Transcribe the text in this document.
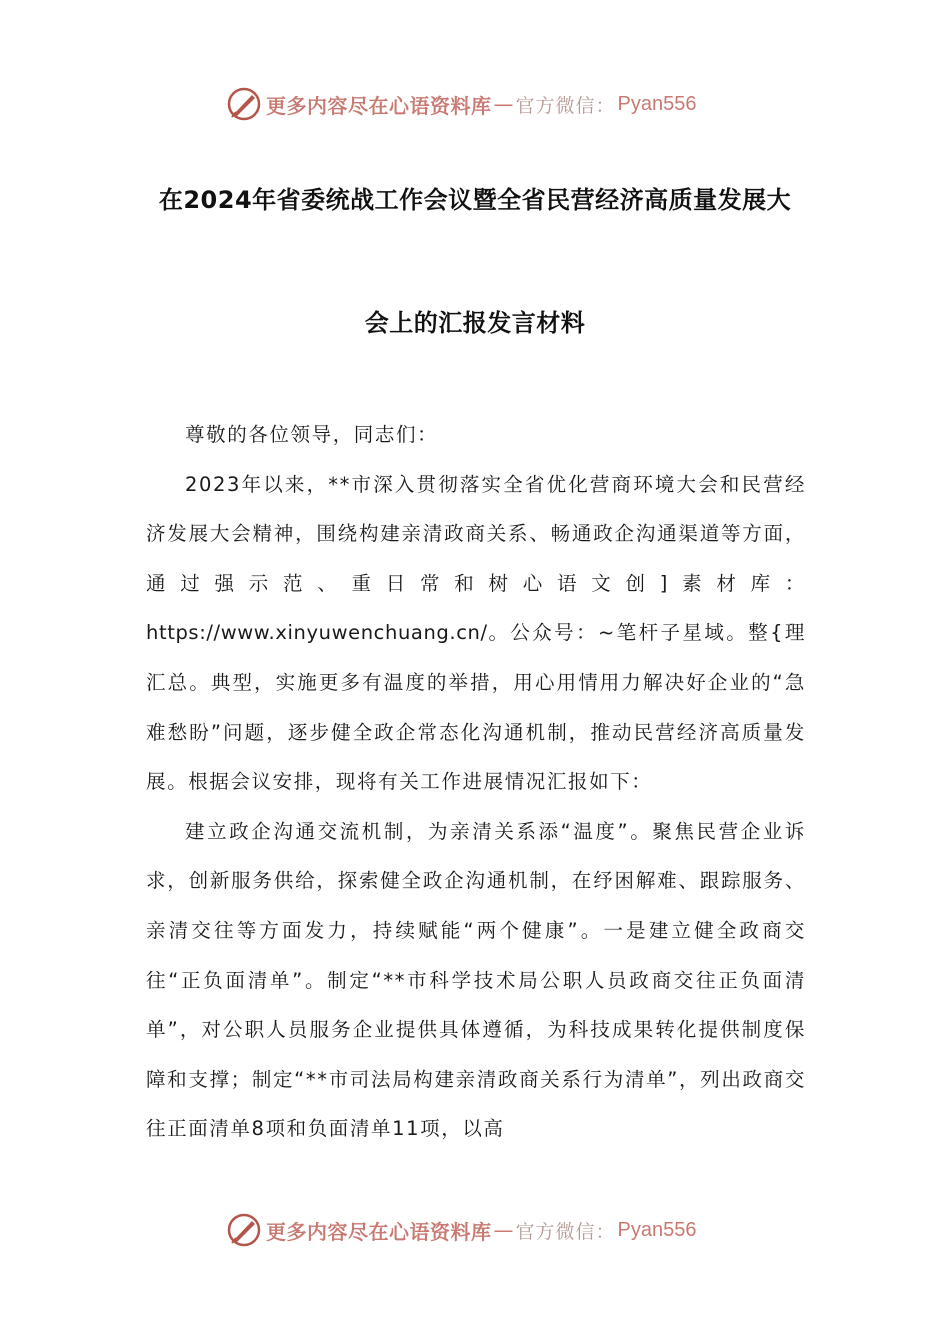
更多内容尽在心语资料库 — 官方微信： Pyan556
在2024年省委统战工作会议暨全省民营经济高质量发展大
会上的汇报发言材料

尊敬的各位领导，同志们：

2023年以来，**市深入贯彻落实全省优化营商环境大会和民营经济发展大会精神，围绕构建亲清政商关系、畅通政企沟通渠道等方面，通过强示范、重日常和树心语文创]素材库：https://www.xinyuwenchuang.cn/。公众号：~笔杆子星域。整{理汇总。典型，实施更多有温度的举措，用心用情用力解决好企业的“急难愁盼”问题，逐步健全政企常态化沟通机制，推动民营经济高质量发展。根据会议安排，现将有关工作进展情况汇报如下：

建立政企沟通交流机制，为亲清关系添“温度”。聚焦民营企业诉求，创新服务供给，探索健全政企沟通机制，在纾困解难、跟踪服务、亲清交往等方面发力，持续赋能“两个健康”。一是建立健全政商交往“正负面清单”。制定“**市科学技术局公职人员政商交往正负面清单”，对公职人员服务企业提供具体遵循，为科技成果转化提供制度保障和支撑；制定“**市司法局构建亲清政商关系行为清单”，列出政商交往正面清单8项和负面清单11项，以高

更多内容尽在心语资料库 — 官方微信： Pyan556
